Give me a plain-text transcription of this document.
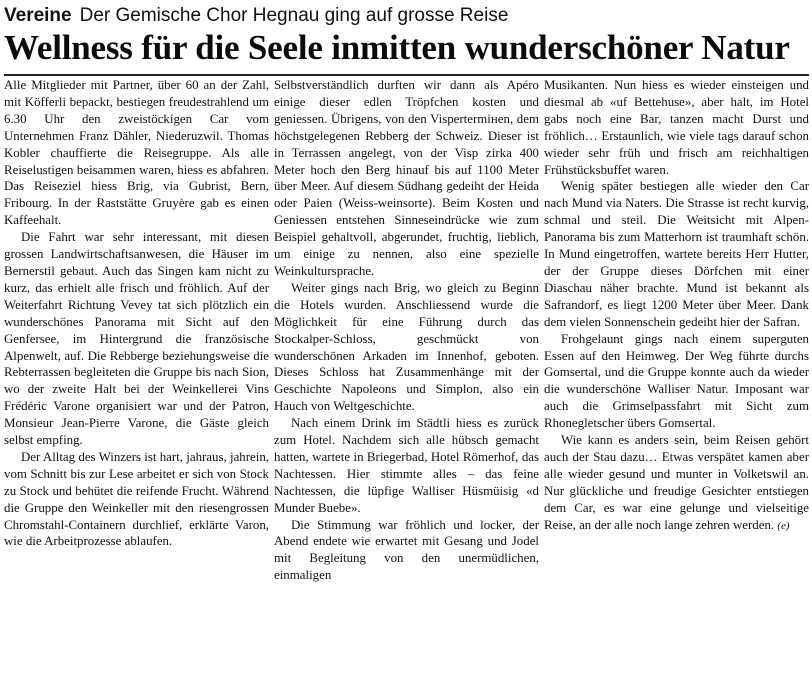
Vereine Der Gemische Chor Hegnau ging auf grosse Reise
Wellness für die Seele inmitten wunderschöner Natur

Alle Mitglieder mit Partner, über 60 an der Zahl, mit Köfferli bepackt, bestiegen freudestrahlend um 6.30 Uhr den zweistöckigen Car vom Unternehmen Franz Dähler, Niederuzwil. Thomas Kobler chauffierte die Reisegruppe. Als alle Reiselustigen beisammen waren, hiess es abfahren. Das Reiseziel hiess Brig, via Gubrist, Bern, Fribourg. In der Raststätte Gruyère gab es einen Kaffeehalt.

Die Fahrt war sehr interessant, mit diesen grossen Landwirtschaftsanwesen, die Häuser im Bernerstil gebaut. Auch das Singen kam nicht zu kurz, das erhielt alle frisch und fröhlich. Auf der Weiterfahrt Richtung Vevey tat sich plötzlich ein wunderschönes Panorama mit Sicht auf den Genfersee, im Hintergrund die französische Alpenwelt, auf. Die Rebberge beziehungsweise die Rebterrassen begleiteten die Gruppe bis nach Sion, wo der zweite Halt bei der Weinkellerei Vins Frédéric Varone organisiert war und der Patron, Monsieur Jean-Pierre Varone, die Gäste gleich selbst empfing.

Der Alltag des Winzers ist hart, jahraus, jahrein, vom Schnitt bis zur Lese arbeitet er sich von Stock zu Stock und behütet die reifende Frucht. Während die Gruppe den Weinkeller mit den riesengrossen Chromstahl-Containern durchlief, erklärte Varon, wie die Arbeitprozesse ablaufen.

Selbstverständlich durften wir dann als Apéro einige dieser edlen Tröpfchen kosten und geniessen. Übrigens, von den Vispertermінen, dem höchstgelegenen Rebberg der Schweiz. Dieser ist in Terrassen angelegt, von der Visp zirka 400 Meter hoch den Berg hinauf bis auf 1100 Meter über Meer. Auf diesem Südhang gedeiht der Heida oder Paien (Weiss-weinsorte). Beim Kosten und Geniessen entstehen Sinneseindrücke wie zum Beispiel gehaltvoll, abgerundet, fruchtig, lieblich, um einige zu nennen, also eine spezielle Weinkultursprache.

Weiter gings nach Brig, wo gleich zu Beginn die Hotels wurden. Anschliessend wurde die Möglichkeit für eine Führung durch das Stockalper-Schloss, geschmückt von wunderschönen Arkaden im Innenhof, geboten. Dieses Schloss hat Zusammenhänge mit der Geschichte Napoleons und Simplon, also ein Hauch von Weltgeschichte.

Nach einem Drink im Städtli hiess es zurück zum Hotel. Nachdem sich alle hübsch gemacht hatten, wartete in Briegerbad, Hotel Römerhof, das Nachtessen. Hier stimmte alles – das feine Nachtessen, die lüpfige Walliser Hüsmüisig «d Munder Buebe».

Die Stimmung war fröhlich und locker, der Abend endete wie erwartet mit Gesang und Jodel mit Begleitung von den unermüdlichen, einmaligen

Musikanten. Nun hiess es wieder einsteigen und diesmal ab «uf Bettehuse», aber halt, im Hotel gabs noch eine Bar, tanzen macht Durst und fröhlich… Erstaunlich, wie viele tags darauf schon wieder sehr früh und frisch am reichhaltigen Frühstücksbuffet waren.

Wenig später bestiegen alle wieder den Car nach Mund via Naters. Die Strasse ist recht kurvig, schmal und steil. Die Weitsicht mit Alpen-Panorama bis zum Matterhorn ist traumhaft schön. In Mund eingetroffen, wartete bereits Herr Hutter, der der Gruppe dieses Dörfchen mit einer Diaschau näher brachte. Mund ist bekannt als Safrandorf, es liegt 1200 Meter über Meer. Dank dem vielen Sonnenschein gedeiht hier der Safran.

Frohgelaunt gings nach einem superguten Essen auf den Heimweg. Der Weg führte durchs Gomsertal, und die Gruppe konnte auch da wieder die wunderschöne Walliser Natur. Imposant war auch die Grimselpassfahrt mit Sicht zum Rhonegletscher übers Gomsertal.

Wie kann es anders sein, beim Reisen gehört auch der Stau dazu… Etwas verspätet kamen aber alle wieder gesund und munter in Volketswil an. Nur glückliche und freudige Gesichter entstiegen dem Car, es war eine gelunge und vielseitige Reise, an der alle noch lange zehren werden. (e)
